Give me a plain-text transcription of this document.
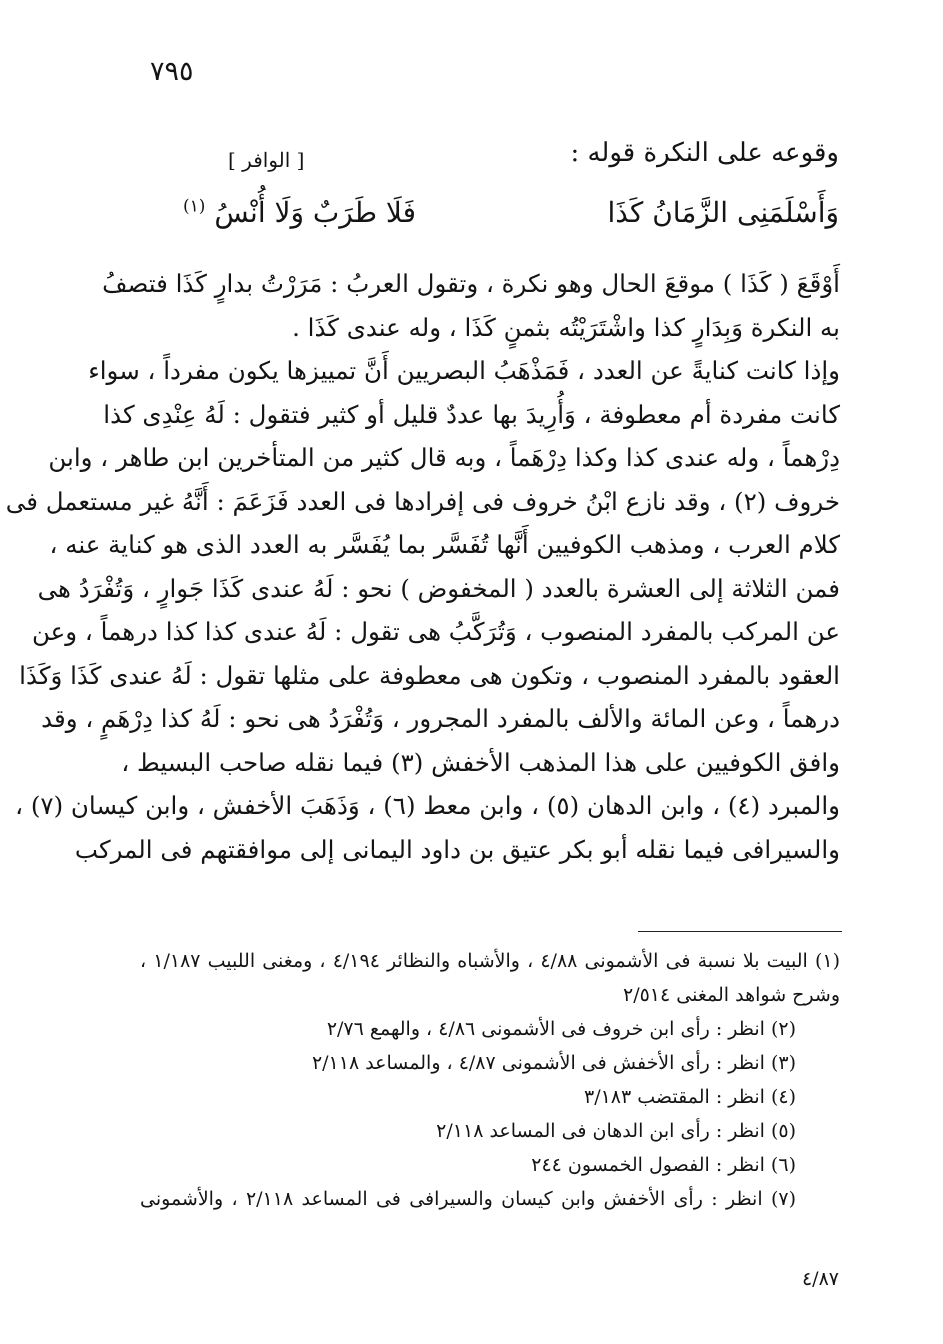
٧٩٥
وقوعه على النكرة قوله :
[ الوافر ]
وَأَسْلَمَنِى الزَّمَانُ كَذَا
فَلَا طَرَبٌ وَلَا أُنْسُ $^{(١)}$
أَوْقَعَ ( كَذَا ) موقعَ الحال وهو نكرة ، وتقول العربُ : مَرَرْتُ بدارٍ كَذَا فتصفُ
به النكرة وَبِدَارٍ كذا واشْتَرَيْتُه بثمنٍ كَذَا ، وله عندى كَذَا .
وإذا كانت كنايةً عن العدد ، فَمَذْهَبُ البصريين أَنَّ تمييزها يكون مفرداً ، سواء
كانت مفردة أم معطوفة ، وَأُرِيدَ بها عددٌ قليل أو كثير فتقول : لَهُ عِنْدِى كذا
دِرْهماً ، وله عندى كذا وكذا دِرْهَماً ، وبه قال كثير من المتأخرين ابن طاهر ، وابن
خروف (٢) ، وقد نازع ابْنُ خروف فى إفرادها فى العدد فَزَعَمَ : أَنَّهُ غير مستعمل فى
كلام العرب ، ومذهب الكوفيين أَنَّها تُفَسَّر بما يُفَسَّر به العدد الذى هو كناية عنه ،
فمن الثلاثة إلى العشرة بالعدد ( المخفوض ) نحو : لَهُ عندى كَذَا جَوارٍ ، وَتُفْرَدُ هى
عن المركب بالمفرد المنصوب ، وَتُرَكَّبُ هى تقول : لَهُ عندى كذا كذا درهماً ، وعن
العقود بالمفرد المنصوب ، وتكون هى معطوفة على مثلها تقول : لَهُ عندى كَذَا وَكَذَا
درهماً ، وعن المائة والألف بالمفرد المجرور ، وَتُفْرَدُ هى نحو : لَهُ كذا دِرْهَمٍ ، وقد
وافق الكوفيين على هذا المذهب الأخفش (٣) فيما نقله صاحب البسيط ،
والمبرد (٤) ، وابن الدهان (٥) ، وابن معط (٦) ، وَذَهَبَ الأخفش ، وابن كيسان (٧) ،
والسيرافى فيما نقله أبو بكر عتيق بن داود اليمانى إلى موافقتهم فى المركب
(١) البيت بلا نسبة فى الأشمونى ٤/٨٨ ، والأشباه والنظائر ٤/١٩٤ ، ومغنى اللبيب ١/١٨٧ ،
وشرح شواهد المغنى ٢/٥١٤
(٢) انظر : رأى ابن خروف فى الأشمونى ٤/٨٦ ، والهمع ٢/٧٦
(٣) انظر : رأى الأخفش فى الأشمونى ٤/٨٧ ، والمساعد ٢/١١٨
(٤) انظر : المقتضب ٣/١٨٣
(٥) انظر : رأى ابن الدهان فى المساعد ٢/١١٨
(٦) انظر : الفصول الخمسون ٢٤٤
(٧) انظر : رأى الأخفش وابن كيسان والسيرافى فى المساعد ٢/١١٨ ، والأشمونى
٤/٨٧
